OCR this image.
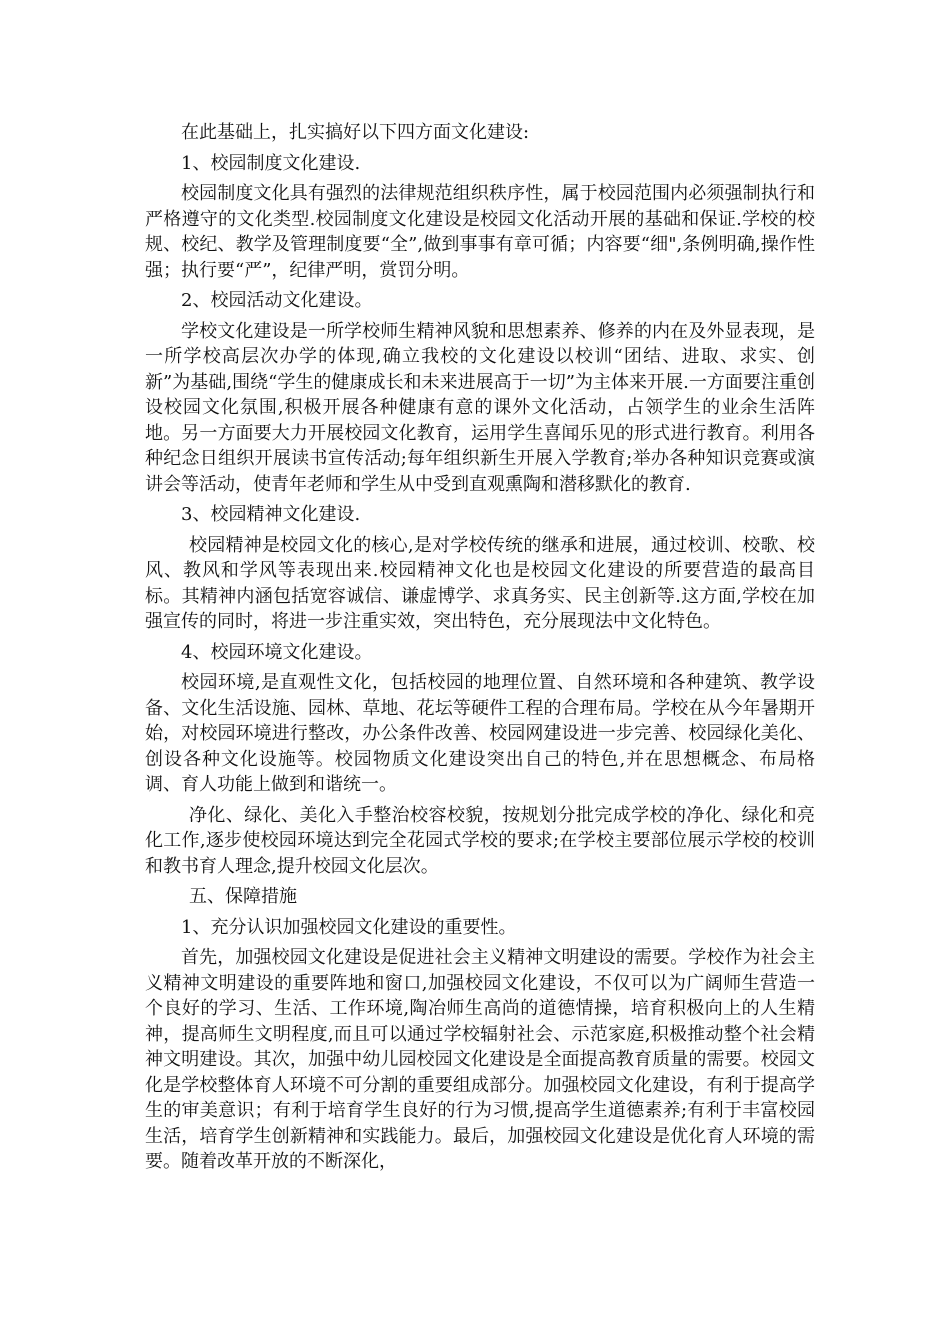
在此基础上，扎实搞好以下四方面文化建设:

1、校园制度文化建设.

校园制度文化具有强烈的法律规范组织秩序性，属于校园范围内必须强制执行和严格遵守的文化类型.校园制度文化建设是校园文化活动开展的基础和保证.学校的校规、校纪、教学及管理制度要“全”,做到事事有章可循；内容要“细",条例明确,操作性强；执行要“严”，纪律严明，赏罚分明。

2、校园活动文化建设。

学校文化建设是一所学校师生精神风貌和思想素养、修养的内在及外显表现，是一所学校高层次办学的体现,确立我校的文化建设以校训“团结、进取、求实、创新”为基础,围绕“学生的健康成长和未来进展高于一切”为主体来开展.一方面要注重创设校园文化氛围,积极开展各种健康有意的课外文化活动，占领学生的业余生活阵地。另一方面要大力开展校园文化教育，运用学生喜闻乐见的形式进行教育。利用各种纪念日组织开展读书宣传活动;每年组织新生开展入学教育;举办各种知识竞赛或演讲会等活动，使青年老师和学生从中受到直观熏陶和潜移默化的教育.

3、校园精神文化建设.

校园精神是校园文化的核心,是对学校传统的继承和进展，通过校训、校歌、校风、教风和学风等表现出来.校园精神文化也是校园文化建设的所要营造的最高目标。其精神内涵包括宽容诚信、谦虚博学、求真务实、民主创新等.这方面,学校在加强宣传的同时，将进一步注重实效，突出特色，充分展现法中文化特色。

4、校园环境文化建设。

校园环境,是直观性文化，包括校园的地理位置、自然环境和各种建筑、教学设备、文化生活设施、园林、草地、花坛等硬件工程的合理布局。学校在从今年暑期开始，对校园环境进行整改，办公条件改善、校园网建设进一步完善、校园绿化美化、创设各种文化设施等。校园物质文化建设突出自己的特色,并在思想概念、布局格调、育人功能上做到和谐统一。

净化、绿化、美化入手整治校容校貌，按规划分批完成学校的净化、绿化和亮化工作,逐步使校园环境达到完全花园式学校的要求;在学校主要部位展示学校的校训和教书育人理念,提升校园文化层次。

五、保障措施

1、充分认识加强校园文化建设的重要性。

首先，加强校园文化建设是促进社会主义精神文明建设的需要。学校作为社会主义精神文明建设的重要阵地和窗口,加强校园文化建设，不仅可以为广阔师生营造一个良好的学习、生活、工作环境,陶冶师生高尚的道德情操，培育积极向上的人生精神，提高师生文明程度,而且可以通过学校辐射社会、示范家庭,积极推动整个社会精神文明建设。其次，加强中幼儿园校园文化建设是全面提高教育质量的需要。校园文化是学校整体育人环境不可分割的重要组成部分。加强校园文化建设，有利于提高学生的审美意识；有利于培育学生良好的行为习惯,提高学生道德素养;有利于丰富校园生活，培育学生创新精神和实践能力。最后，加强校园文化建设是优化育人环境的需要。随着改革开放的不断深化，
